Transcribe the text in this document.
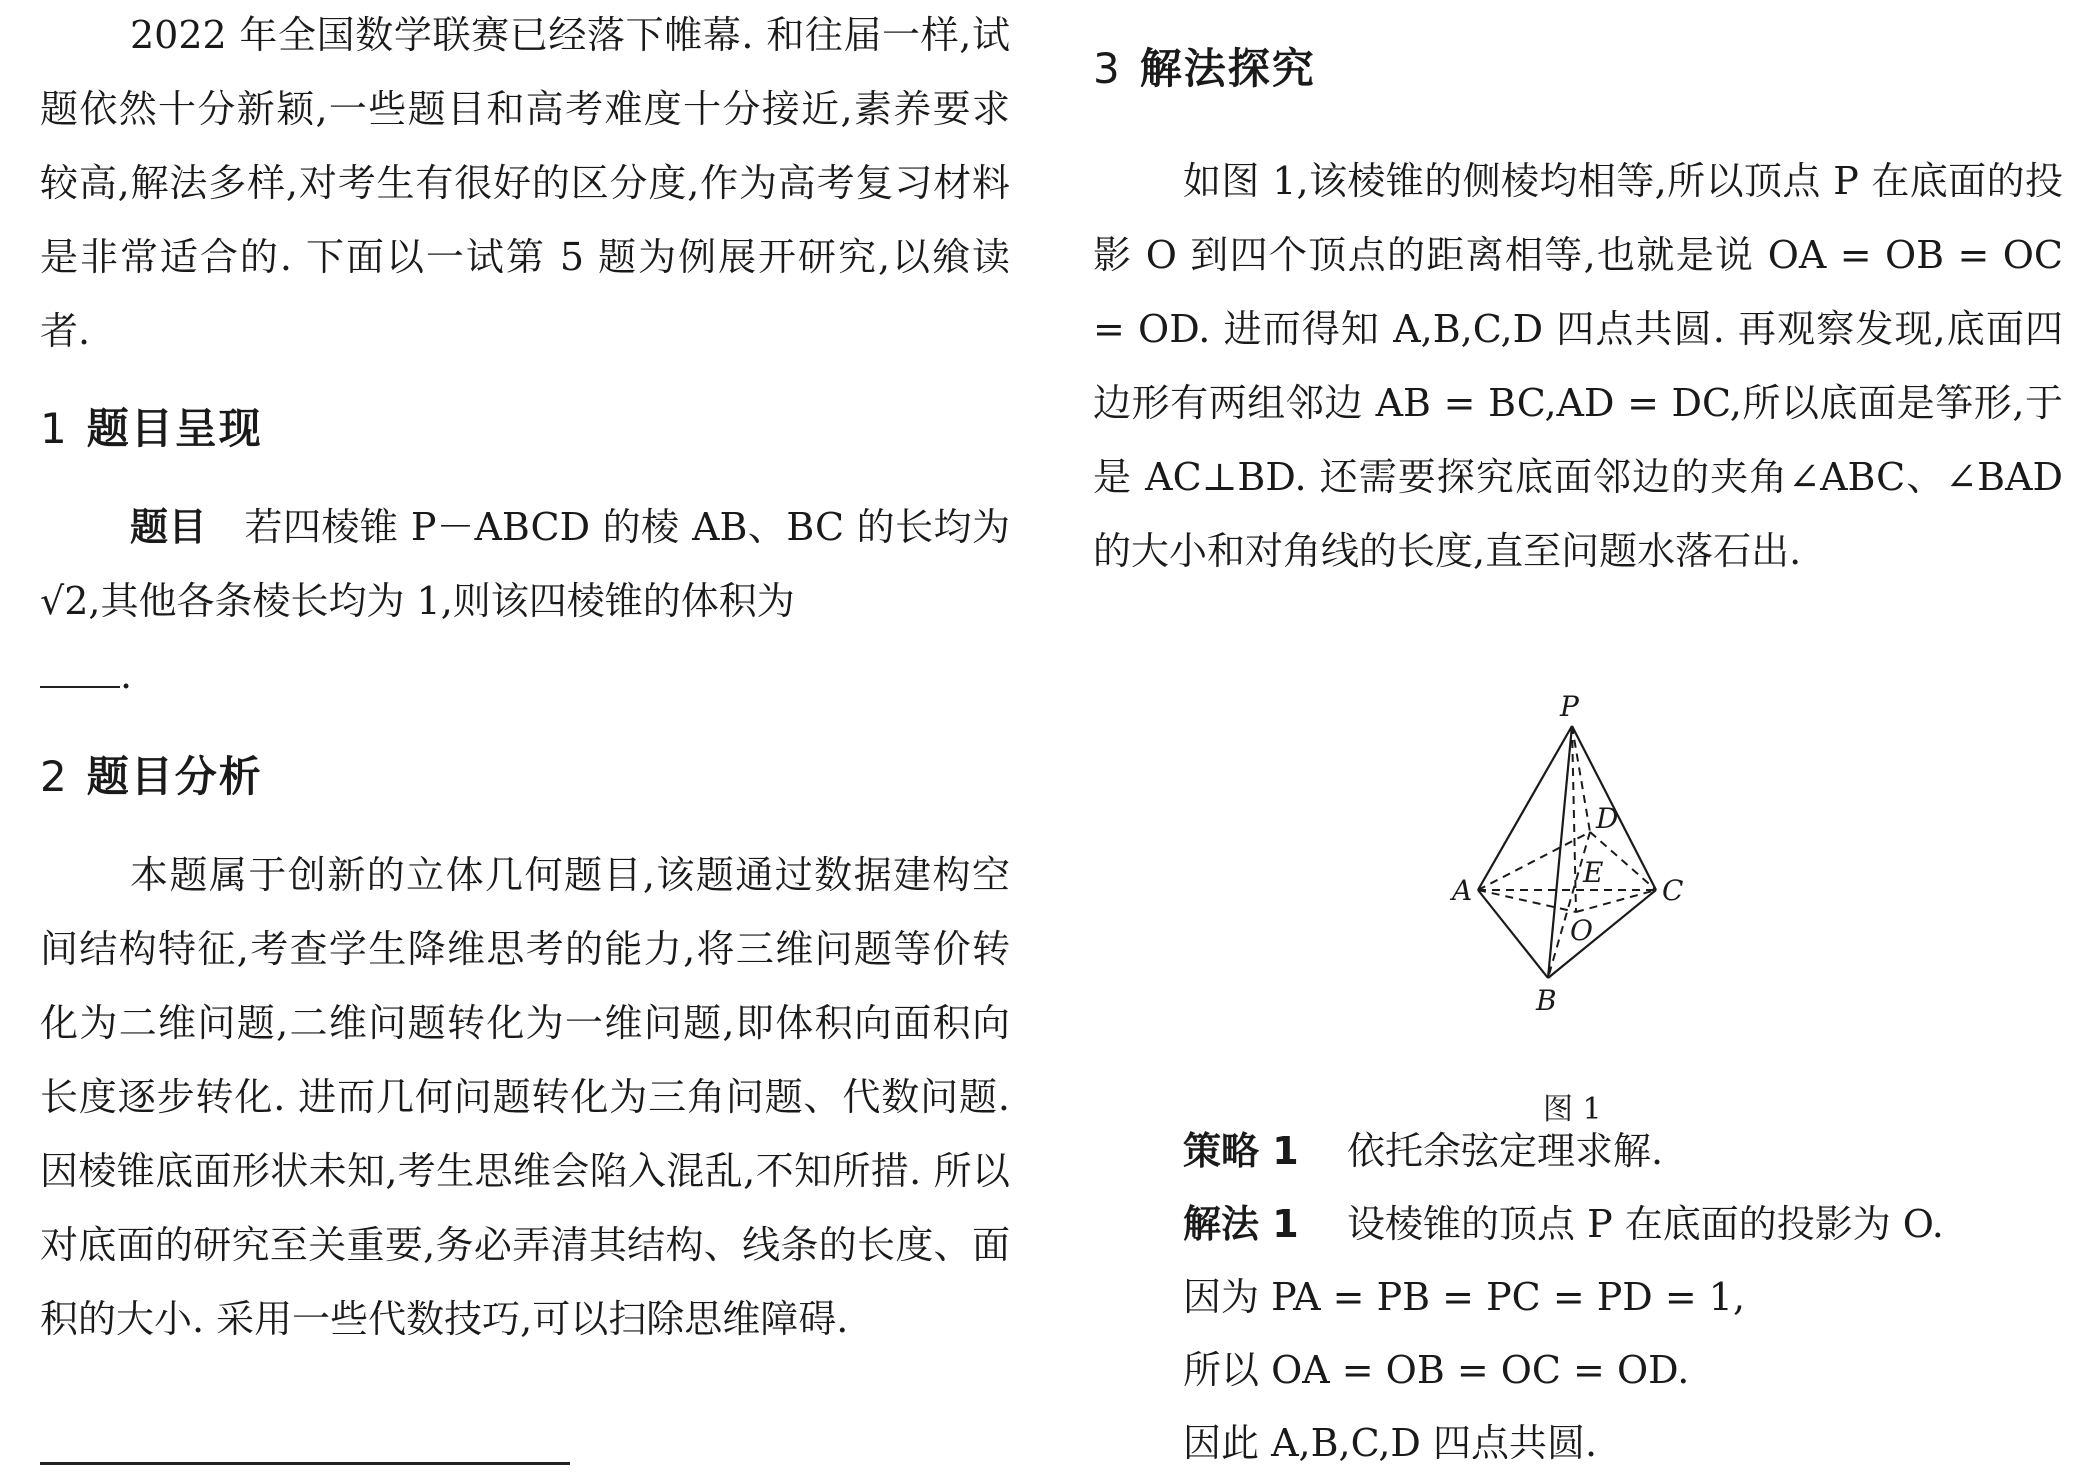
2022 年全国数学联赛已经落下帷幕. 和往届一样,试题依然十分新颖,一些题目和高考难度十分接近,素养要求较高,解法多样,对考生有很好的区分度,作为高考复习材料是非常适合的. 下面以一试第 5 题为例展开研究,以飨读者.

1 题目呈现

题目 若四棱锥 P－ABCD 的棱 AB、BC 的长均为√2,其他各条棱长均为 1,则该四棱锥的体积为
.

2 题目分析

本题属于创新的立体几何题目,该题通过数据建构空间结构特征,考查学生降维思考的能力,将三维问题等价转化为二维问题,二维问题转化为一维问题,即体积向面积向长度逐步转化. 进而几何问题转化为三角问题、代数问题. 因棱锥底面形状未知,考生思维会陷入混乱,不知所措. 所以对底面的研究至关重要,务必弄清其结构、线条的长度、面积的大小. 采用一些代数技巧,可以扫除思维障碍.

3 解法探究

如图 1,该棱锥的侧棱均相等,所以顶点 P 在底面的投影 O 到四个顶点的距离相等,也就是说 OA = OB = OC = OD. 进而得知 A,B,C,D 四点共圆. 再观察发现,底面四边形有两组邻边 AB = BC,AD = DC,所以底面是筝形,于是 AC⊥BD. 还需要探究底面邻边的夹角∠ABC、∠BAD 的大小和对角线的长度,直至问题水落石出.

P
A
B
C
D
E
O
图 1
策略 1 依托余弦定理求解.
解法 1 设棱锥的顶点 P 在底面的投影为 O.
因为 PA = PB = PC = PD = 1,
所以 OA = OB = OC = OD.
因此 A,B,C,D 四点共圆.
